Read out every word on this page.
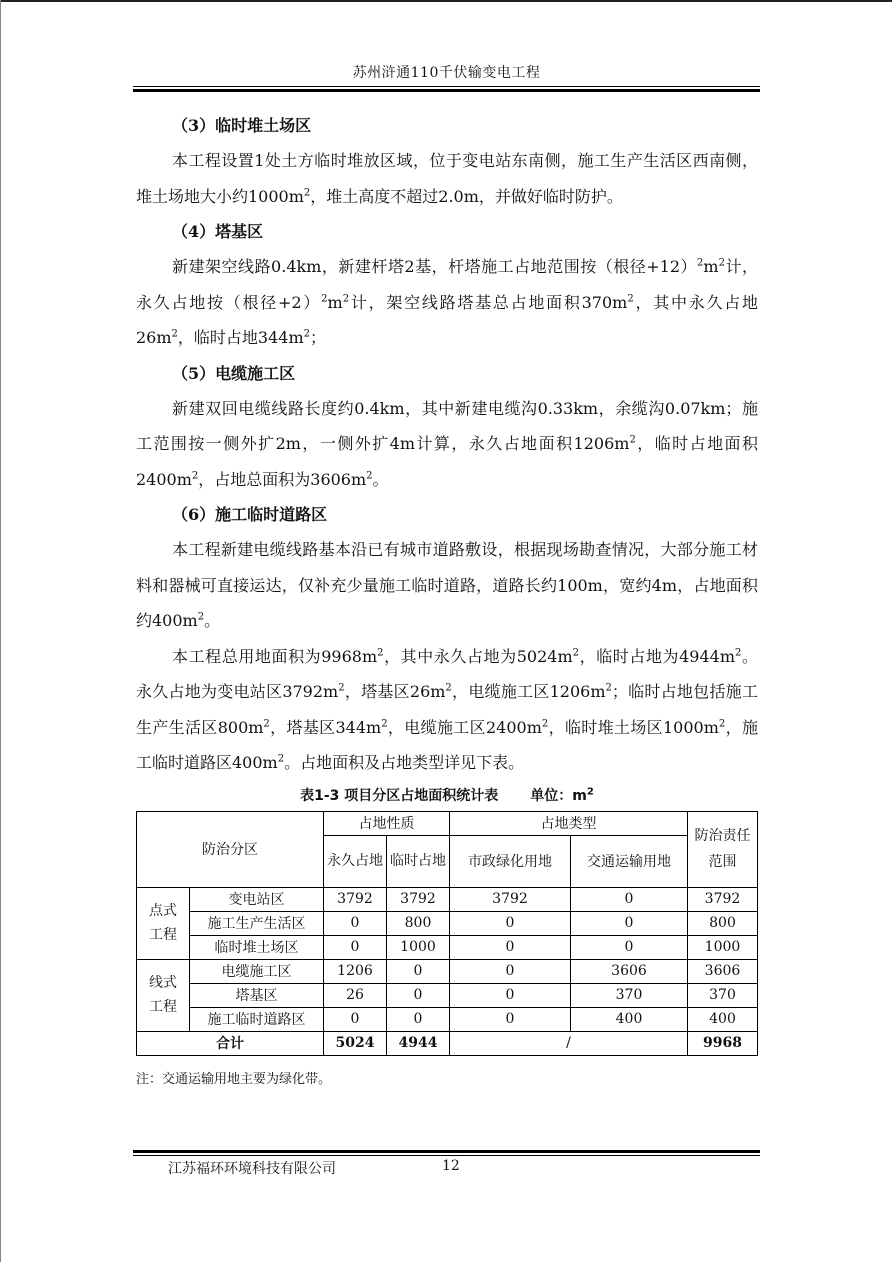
苏州浒通110千伏输变电工程

（3）临时堆土场区

本工程设置1处土方临时堆放区域，位于变电站东南侧，施工生产生活区西南侧，堆土场地大小约$1000m^2$，堆土高度不超过2.0m，并做好临时防护。

（4）塔基区

新建架空线路0.4km，新建杆塔2基，杆塔施工占地范围按（根径$+12)^2m^2$计，永久占地按（根径$+2)^2m^2$计，架空线路塔基总占地面积$370m^2$，其中永久占地$26m^2$，临时占地$344m^2$；

（5）电缆施工区

新建双回电缆线路长度约0.4km，其中新建电缆沟0.33km，余缆沟0.07km；施工范围按一侧外扩2m，一侧外扩4m计算，永久占地面积$1206m^2$，临时占地面积$2400m^2$，占地总面积为$3606m^2$。

（6）施工临时道路区

本工程新建电缆线路基本沿已有城市道路敷设，根据现场勘查情况，大部分施工材料和器械可直接运达，仅补充少量施工临时道路，道路长约100m，宽约4m，占地面积约$400m^2$。

本工程总用地面积为$9968m^2$，其中永久占地为$5024m^2$，临时占地为$4944m^2$。永久占地为变电站区$3792m^2$，塔基区$26m^2$，电缆施工区$1206m^2$；临时占地包括施工生产生活区$800m^2$，塔基区$344m^2$，电缆施工区$2400m^2$，临时堆土场区$1000m^2$，施工临时道路区$400m^2$。占地面积及占地类型详见下表。

表1-3 项目分区占地面积统计表 单位：$m^2$
防治分区		占地性质		占地类型		防治责任范围
		永久占地	临时占地	市政绿化用地	交通运输用地	
点式工程	变电站区	3792	3792	3792	0	3792
	施工生产生活区	0	800	0	0	800
	临时堆土场区	0	1000	0	0	1000
线式工程	电缆施工区	1206	0	0	3606	3606
	塔基区	26	0	0	370	370
	施工临时道路区	0	0	0	400	400
合计		5024	4944	/		9968
注：交通运输用地主要为绿化带。
江苏福环环境科技有限公司	12
